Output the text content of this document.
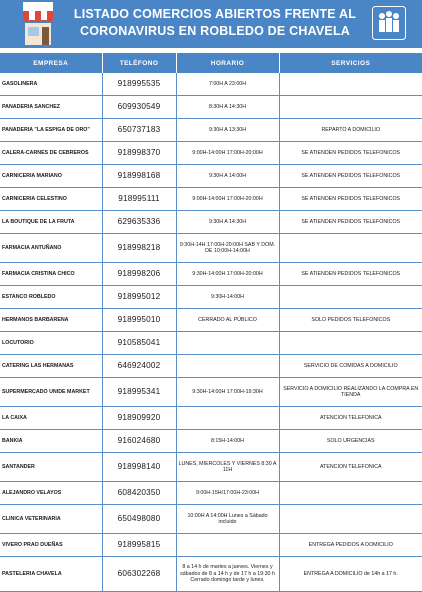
LISTADO COMERCIOS ABIERTOS FRENTE AL
CORONAVIRUS EN ROBLEDO DE CHAVELA
EMPRESA	TELÉFONO	HORARIO	SERVICIOS
GASOLINERA	918995535	7:00H A 23:00H	
PANADERIA SANCHEZ	609930549	8:30H A 14:30H	
PANADERIA "LA ESPIGA DE ORO"	650737183	9:30H A 13:30H	REPARTO A DOMICILIO
CALERA-CARNES DE CEBREROS	918998370	9:00H-14:00H 17:00H-20:00H	SE ATIENDEN PEDIDOS TELEFONICOS
CARNICERIA MARIANO	918998168	9:30H A 14:00H	SE ATIENDEN PEDIDOS TELEFONICOS
CARNICERIA CELESTINO	918995111	9:00H-14:00H 17:00H-20:00H	SE ATIENDEN PEDIDOS TELEFONICOS
LA BOUTIQUE DE LA FRUTA	629635336	9:30H A 14:30H	SE ATIENDEN PEDIDOS TELEFONICOS
FARMACIA ANTUÑANO	918998218	9:30H-14H 17:00H-20:00H SAB Y DOM. DE 10:00H-14:00H	
FARMACIA CRISTINA CHICO	918998206	9:30H-14:00H 17:00H-20:00H	SE ATIENDEN PEDIDOS TELEFONICOS
ESTANCO ROBLEDO	918995012	9:30H-14:00H	
HERMANOS BARBARENA	918995010	CERRADO AL PÚBLICO	SOLO PEDIDOS TELEFONICOS
LOCUTORIO	910585041		
CATERING LAS HERMANAS	646924002		SERVICIO DE COMIDAS A DOMICILIO
SUPERMERCADO UNIDE MARKET	918995341	9:30H-14:00H 17:00H-19:30H	SERVICIO A DOMICILIO REALIZANDO LA COMPRA EN TIENDA
LA CAIXA	918909920		ATENCION TELEFONICA
BANKIA	916024680	8:15H-14:00H	SOLO URGENCIAS
SANTANDER	918998140	LUNES, MIERCOLES Y VIERNES 8:30 A 11H	ATENCION TELEFONICA
ALEJANDRO VELAYOS	608420350	9:00H-15H/17:00H-23:00H	
CLINICA VETERINARIA	650498080	10:00H A 14:00H Lunes a Sábado incluido	
VIVERO PRAO DUEÑAS	918995815		ENTREGA PEDIDOS A DOMICILIO
PASTELERIA CHAVELA	606302268	8 a 14 h de martes a jueves. Viernes y sábados de 8 a 14 h y de 17 h a 19:30 h Cerrado domingo tarde y lunes.	ENTREGA A DOMICILIO de 14h a 17 h.
